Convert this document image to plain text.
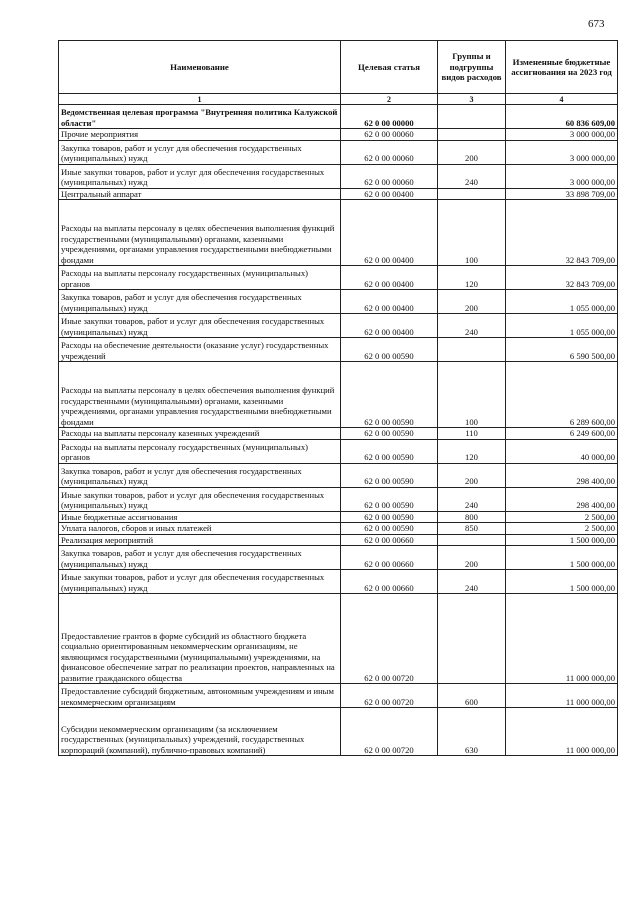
673
Наименование	Целевая статья	Группы и подгруппы видов расходов	Измененные бюджетные ассигнования на 2023 год
1	2	3	4
Ведомственная целевая программа "Внутренняя политика Калужской области"	62 0 00 00000		60 836 609,00
Прочие мероприятия	62 0 00 00060		3 000 000,00
Закупка товаров, работ и услуг для обеспечения государственных (муниципальных) нужд	62 0 00 00060	200	3 000 000,00
Иные закупки товаров, работ и услуг для обеспечения государственных (муниципальных) нужд	62 0 00 00060	240	3 000 000,00
Центральный аппарат	62 0 00 00400		33 898 709,00
Расходы на выплаты персоналу в целях обеспечения выполнения функций государственными (муниципальными) органами, казенными учреждениями, органами управления государственными внебюджетными фондами	62 0 00 00400	100	32 843 709,00
Расходы на выплаты персоналу государственных (муниципальных) органов	62 0 00 00400	120	32 843 709,00
Закупка товаров, работ и услуг для обеспечения государственных (муниципальных) нужд	62 0 00 00400	200	1 055 000,00
Иные закупки товаров, работ и услуг для обеспечения государственных (муниципальных) нужд	62 0 00 00400	240	1 055 000,00
Расходы на обеспечение деятельности (оказание услуг) государственных учреждений	62 0 00 00590		6 590 500,00
Расходы на выплаты персоналу в целях обеспечения выполнения функций государственными (муниципальными) органами, казенными учреждениями, органами управления государственными внебюджетными фондами	62 0 00 00590	100	6 289 600,00
Расходы на выплаты персоналу казенных учреждений	62 0 00 00590	110	6 249 600,00
Расходы на выплаты персоналу государственных (муниципальных) органов	62 0 00 00590	120	40 000,00
Закупка товаров, работ и услуг для обеспечения государственных (муниципальных) нужд	62 0 00 00590	200	298 400,00
Иные закупки товаров, работ и услуг для обеспечения государственных (муниципальных) нужд	62 0 00 00590	240	298 400,00
Иные бюджетные ассигнования	62 0 00 00590	800	2 500,00
Уплата налогов, сборов и иных платежей	62 0 00 00590	850	2 500,00
Реализация мероприятий	62 0 00 00660		1 500 000,00
Закупка товаров, работ и услуг для обеспечения государственных (муниципальных) нужд	62 0 00 00660	200	1 500 000,00
Иные закупки товаров, работ и услуг для обеспечения государственных (муниципальных) нужд	62 0 00 00660	240	1 500 000,00
Предоставление грантов в форме субсидий из областного бюджета социально ориентированным некоммерческим организациям, не являющимся государственными (муниципальными) учреждениями, на финансовое обеспечение затрат по реализации проектов, направленных на развитие гражданского общества	62 0 00 00720		11 000 000,00
Предоставление субсидий бюджетным, автономным учреждениям и иным некоммерческим организациям	62 0 00 00720	600	11 000 000,00
Субсидии некоммерческим организациям (за исключением государственных (муниципальных) учреждений, государственных корпораций (компаний), публично-правовых компаний)	62 0 00 00720	630	11 000 000,00
